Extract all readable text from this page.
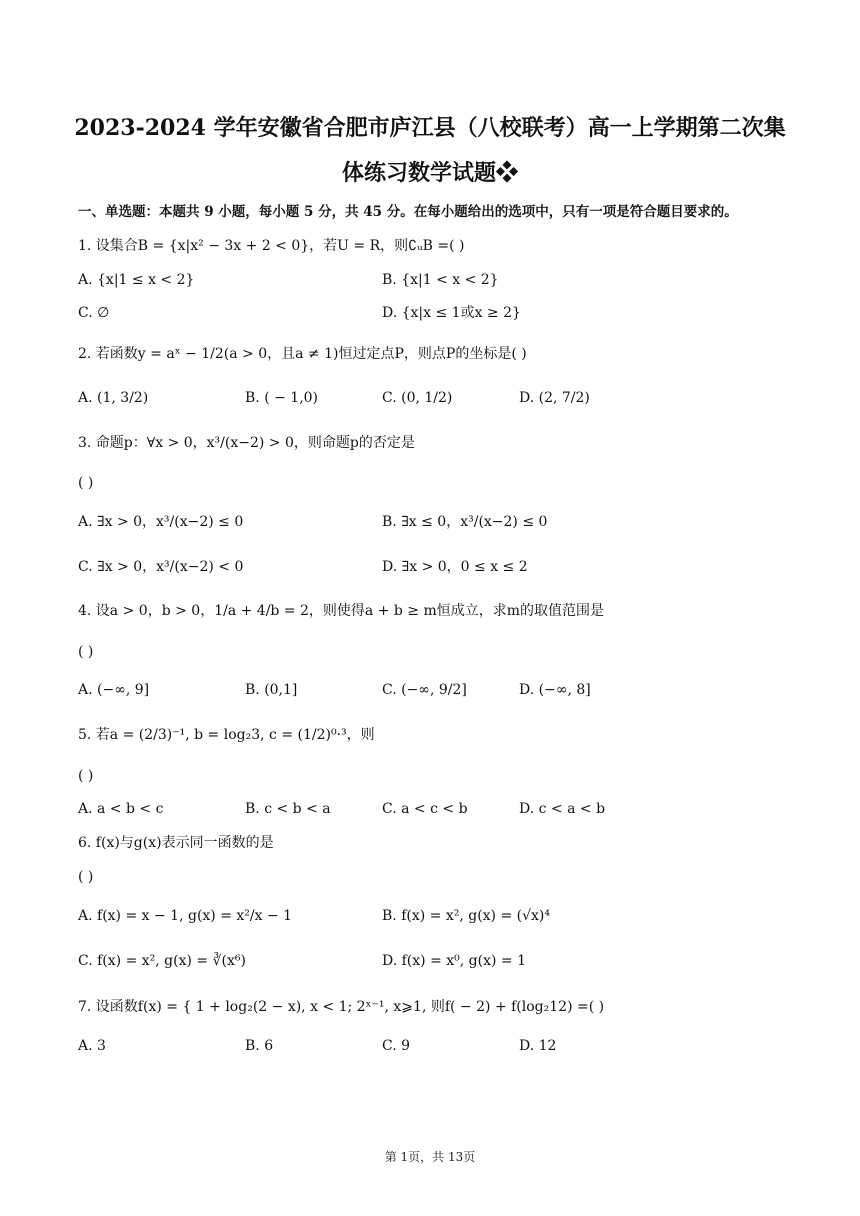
2023-2024 学年安徽省合肥市庐江县（八校联考）高一上学期第二次集
体练习数学试题❖
一、单选题：本题共 9 小题，每小题 5 分，共 45 分。在每小题给出的选项中，只有一项是符合题目要求的。
1. 设集合B = {x|x² − 3x + 2 < 0}，若U = R，则∁ᵤB =( )
A. {x|1 ≤ x < 2}	B. {x|1 < x < 2}
C. ∅	D. {x|x ≤ 1或x ≥ 2}
2. 若函数y = aˣ − 1/2(a > 0，且a ≠ 1)恒过定点P，则点P的坐标是( )
A. (1, 3/2)	B. ( − 1,0)	C. (0, 1/2)	D. (2, 7/2)
3. 命题p：∀x > 0，x³/(x−2) > 0，则命题p的否定是
( )
A. ∃x > 0，x³/(x−2) ≤ 0	B. ∃x ≤ 0，x³/(x−2) ≤ 0
C. ∃x > 0，x³/(x−2) < 0	D. ∃x > 0，0 ≤ x ≤ 2
4. 设a > 0，b > 0，1/a + 4/b = 2，则使得a + b ≥ m恒成立，求m的取值范围是
( )
A. (−∞, 9]	B. (0,1]	C. (−∞, 9/2]	D. (−∞, 8]
5. 若a = (2/3)⁻¹, b = log₂3, c = (1/2)⁰·³，则
( )
A. a < b < c	B. c < b < a	C. a < c < b	D. c < a < b
6. f(x)与g(x)表示同一函数的是
( )
A. f(x) = x − 1, g(x) = x²/x − 1	B. f(x) = x², g(x) = (√x)⁴
C. f(x) = x², g(x) = ∛(x⁶)	D. f(x) = x⁰, g(x) = 1
7. 设函数f(x) = { 1 + log₂(2 − x), x < 1; 2ˣ⁻¹, x⩾1, 则f( − 2) + f(log₂12) =( )
A. 3	B. 6	C. 9	D. 12
第 1页，共 13页
